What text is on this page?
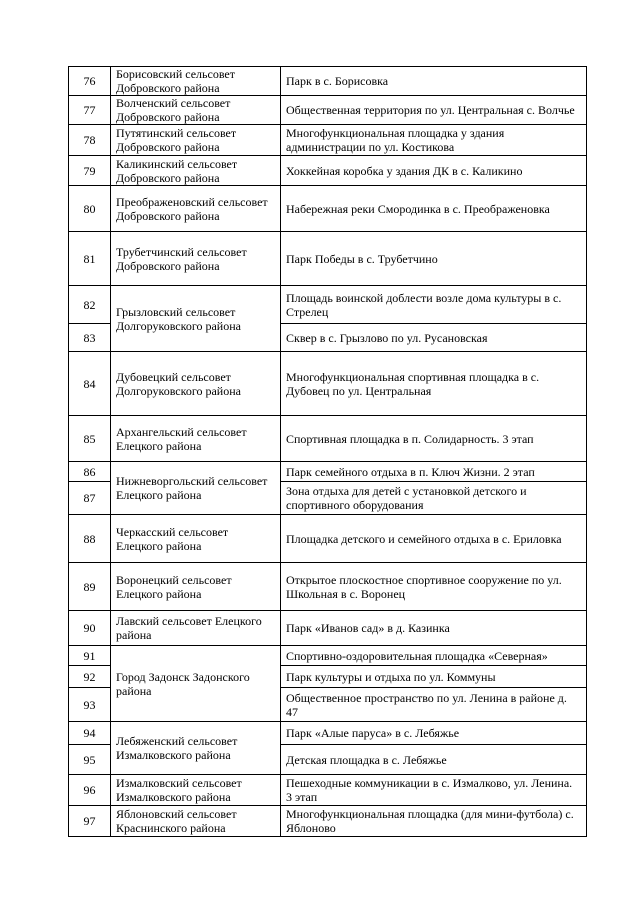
76	Борисовский сельсовет Добровского района	Парк в с. Борисовка
77	Волченский сельсовет Добровского района	Общественная территория по ул. Центральная с. Волчье
78	Путятинский сельсовет Добровского района	Многофункциональная площадка у здания администрации по ул. Костикова
79	Каликинский сельсовет Добровского района	Хоккейная коробка у здания ДК в с. Каликино
80	Преображеновский сельсовет Добровского района	Набережная реки Смородинка в с. Преображеновка
81	Трубетчинский сельсовет Добровского района	Парк Победы в с. Трубетчино
82	Грызловский сельсовет Долгоруковского района	Площадь воинской доблести возле дома культуры в с. Стрелец
83		Сквер в с. Грызлово по ул. Русановская
84	Дубовецкий сельсовет Долгоруковского района	Многофункциональная спортивная площадка в с. Дубовец по ул. Центральная
85	Архангельский сельсовет Елецкого района	Спортивная площадка в п. Солидарность. 3 этап
86	Нижневоргольский сельсовет Елецкого района	Парк семейного отдыха в п. Ключ Жизни. 2 этап
87		Зона отдыха для детей с установкой детского и спортивного оборудования
88	Черкасский сельсовет Елецкого района	Площадка детского и семейного отдыха в с. Ериловка
89	Воронецкий сельсовет Елецкого района	Открытое плоскостное спортивное сооружение по ул. Школьная в с. Воронец
90	Лавский сельсовет Елецкого района	Парк «Иванов сад» в д. Казинка
91	Город Задонск Задонского района	Спортивно-оздоровительная площадка «Северная»
92		Парк культуры и отдыха по ул. Коммуны
93		Общественное пространство по ул. Ленина в районе д. 47
94	Лебяженский сельсовет Измалковского района	Парк «Алые паруса» в с. Лебяжье
95		Детская площадка в с. Лебяжье
96	Измалковский сельсовет Измалковского района	Пешеходные коммуникации в с. Измалково, ул. Ленина. 3 этап
97	Яблоновский сельсовет Краснинского района	Многофункциональная площадка (для мини-футбола) с. Яблоново
